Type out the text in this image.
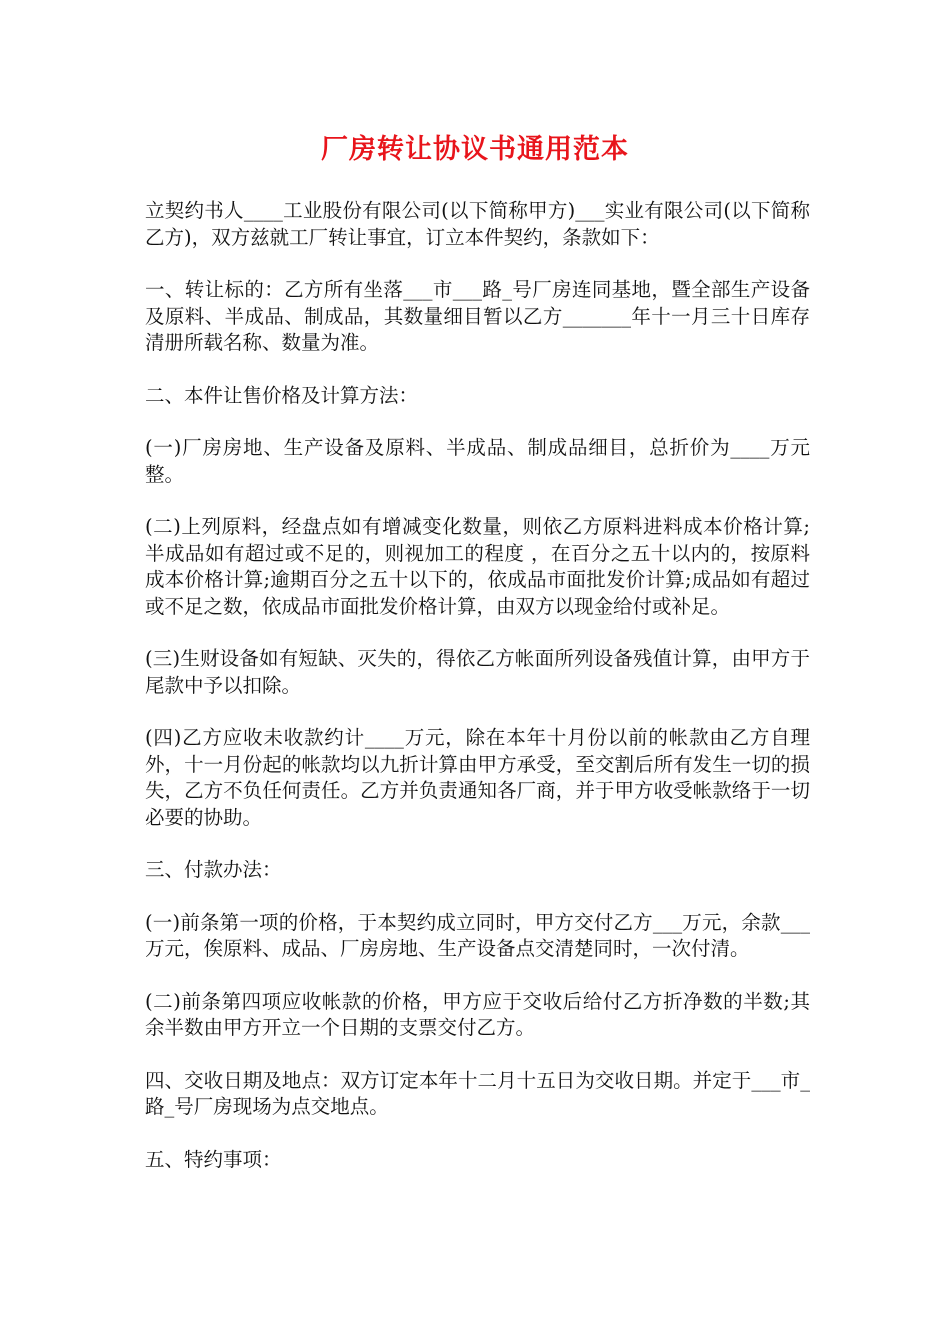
厂房转让协议书通用范本

立契约书人____工业股份有限公司(以下简称甲方)___实业有限公司(以下简称乙方)，双方兹就工厂转让事宜，订立本件契约，条款如下：

一、转让标的：乙方所有坐落___市___路_号厂房连同基地，暨全部生产设备及原料、半成品、制成品，其数量细目暂以乙方_______年十一月三十日库存清册所载名称、数量为准。

二、本件让售价格及计算方法：

(一)厂房房地、生产设备及原料、半成品、制成品细目，总折价为____万元整。

(二)上列原料，经盘点如有增减变化数量，则依乙方原料进料成本价格计算;半成品如有超过或不足的，则视加工的程度 ，在百分之五十以内的，按原料成本价格计算;逾期百分之五十以下的，依成品市面批发价计算;成品如有超过或不足之数，依成品市面批发价格计算，由双方以现金给付或补足。

(三)生财设备如有短缺、灭失的，得依乙方帐面所列设备残值计算，由甲方于尾款中予以扣除。

(四)乙方应收未收款约计____万元，除在本年十月份以前的帐款由乙方自理外，十一月份起的帐款均以九折计算由甲方承受，至交割后所有发生一切的损失，乙方不负任何责任。乙方并负责通知各厂商，并于甲方收受帐款络于一切必要的协助。

三、付款办法：

(一)前条第一项的价格，于本契约成立同时，甲方交付乙方___万元，余款___万元，俟原料、成品、厂房房地、生产设备点交清楚同时，一次付清。

(二)前条第四项应收帐款的价格，甲方应于交收后给付乙方折净数的半数;其余半数由甲方开立一个日期的支票交付乙方。

四、交收日期及地点：双方订定本年十二月十五日为交收日期。并定于___市_路_号厂房现场为点交地点。

五、特约事项：
